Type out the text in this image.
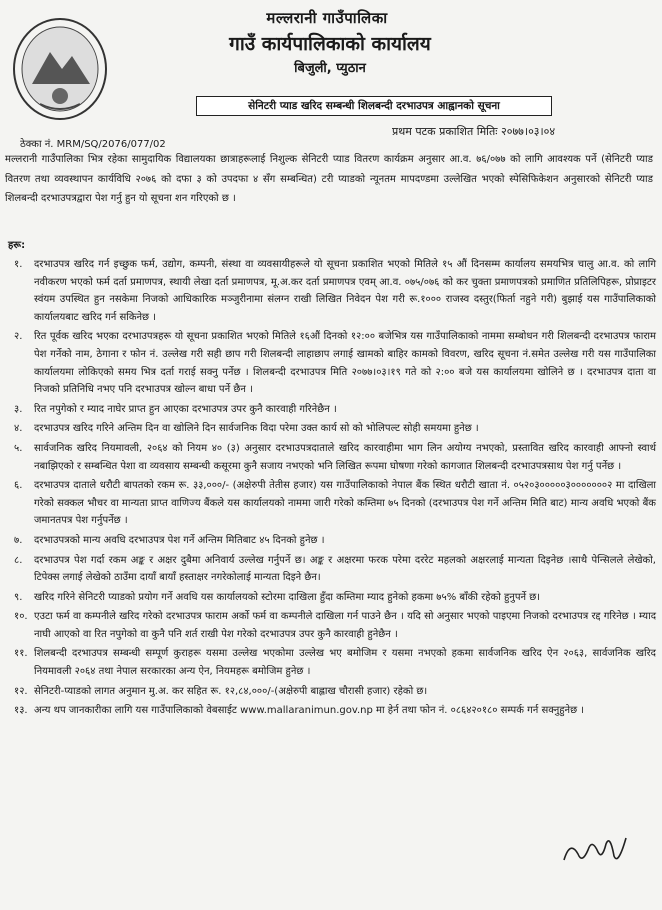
मल्लरानी गाउँपालिका
गाउँ कार्यपालिकाको कार्यालय
बिजुली, प्युठान
सेनिटरी प्याड खरिद सम्बन्धी शिलबन्दी दरभाउपत्र आह्वानको सूचना
प्रथम पटक प्रकाशित मितिः २०७७।०३।०४
ठेक्का नं. MRM/SQ/2076/077/02
मल्लरानी गाउँपालिका भित्र रहेका सामुदायिक विद्यालयका छात्राहरूलाई निशुल्क सेनिटरी प्याड वितरण कार्यक्रम अनुसार आ.व. ७६/०७७ को लागि आवश्यक पर्ने (सेनिटरी प्याड वितरण तथा व्यवस्थापन कार्यविधि २०७६ को दफा ३ को उपदफा ४ सँग सम्बन्धित) टरी प्याडको न्यूनतम मापदण्डमा उल्लेखित भएको स्पेसिफिकेशन अनुसारको सेनिटरी प्याड शिलबन्दी दरभाउपत्रद्वारा पेश गर्नु हुन यो सूचना शन गरिएको छ ।
हरू:
१. दरभाउपत्र खरिद गर्न इच्छुक फर्म, उद्योग, कम्पनी, संस्था वा व्यवसायीहरूले यो सूचना प्रकाशित भएको मितिले १५ औं दिनसम्म कार्यालय समयभित्र चालु आ.व. को लागि नवीकरण भएको फर्म दर्ता प्रमाणपत्र, स्थायी लेखा दर्ता प्रमाणपत्र, मू.अ.कर दर्ता प्रमाणपत्र एवम् आ.व. ०७५/०७६ को कर चुक्ता प्रमाणपत्रको प्रमाणित प्रतिलिपिहरू, प्रोप्राइटर स्वंयम उपस्थित हुन नसकेमा निजको आधिकारिक मञ्जुरीनामा संलग्न राखी लिखित निवेदन पेश गरी रू.१००० राजस्व दस्तुर(फिर्ता नहुने गरी) बुझाई यस गाउँपालिकाको कार्यालयबाट खरिद गर्न सकिनेछ ।
२. रित पूर्वक खरिद भएका दरभाउपत्रहरू यो सूचना प्रकाशित भएको मितिले १६औं दिनको १२:०० बजेभित्र यस गाउँपालिकाको नाममा सम्बोधन गरी शिलबन्दी दरभाउपत्र फाराम पेश गर्नेको नाम, ठेगाना र फोन नं. उल्लेख गरी सही छाप गरी शिलबन्दी लाहाछाप लगाई खामको बाहिर कामको विवरण, खरिद सूचना नं.समेत उल्लेख गरी यस गाउँपालिका कार्यालयमा लोकिएको समय भित्र दर्ता गराई सक्नु पर्नेछ । शिलबन्दी दरभाउपत्र मिति २०७७।०३।१९ गते को २:०० बजे यस कार्यालयमा खोलिने छ । दरभाउपत्र दाता वा निजको प्रतिनिधि नभए पनि दरभाउपत्र खोल्न बाधा पर्ने छैन ।
३. रित नपुगेको र म्याद नाघेर प्राप्त हुन आएका दरभाउपत्र उपर कुनै कारवाही गरिनेछैन ।
४. दरभाउपत्र खरिद गरिने अन्तिम दिन वा खोलिने दिन सार्वजनिक विदा परेमा उक्त कार्य सो को भोलिपल्ट सोही समयमा हुनेछ ।
५. सार्वजनिक खरिद नियमावली, २०६४ को नियम ४० (३) अनुसार दरभाउपत्रदाताले खरिद कारवाहीमा भाग लिन अयोग्य नभएको, प्रस्तावित खरिद कारवाही आफ्नो स्वार्थ नबाझिएको र सम्बन्धित पेशा वा व्यवसाय सम्बन्धी कसूरमा कुनै सजाय नभएको भनि लिखित रूपमा घोषणा गरेको कागजात शिलबन्दी दरभाउपत्रसाथ पेश गर्नु पर्नेछ ।
६. दरभाउपत्र दाताले धरौटी बापतको रकम रू. ३३,०००/- (अक्षेरुपी तेतीस हजार) यस गाउँपालिकाको नेपाल बैंक स्थित धरौटी खाता नं. ०५२०३०००००३०००००००२ मा दाखिला गरेको सक्कल भौचर वा मान्यता प्राप्त वाणिज्य बैंकले यस कार्यालयको नाममा जारी गरेको कम्तिमा ७५ दिनको (दरभाउपत्र पेश गर्ने अन्तिम मिति बाट) मान्य अवधि भएको बैंक जमानतपत्र पेश गर्नुपर्नेछ ।
७. दरभाउपत्रको मान्य अवधि दरभाउपत्र पेश गर्ने अन्तिम मितिबाट ४५ दिनको हुनेछ ।
८. दरभाउपत्र पेश गर्दा रकम अङ्क र अक्षर दुबैमा अनिवार्य उल्लेख गर्नुपर्ने छ। अङ्क र अक्षरमा फरक परेमा दररेट महलको अक्षरलाई मान्यता दिइनेछ ।साथै पेन्सिलले लेखेको, टिपेक्स लगाई लेखेको ठाउँमा दायाँ बायाँ हस्ताक्षर नगरेकोलाई मान्यता दिइने छैन।
९. खरिद गरिने सेनिटरी प्याडको प्रयोग गर्ने अवधि यस कार्यालयको स्टोरमा दाखिला हुँदा कम्तिमा म्याद हुनेको हकमा ७५% बाँकी रहेको हुनुपर्ने छ।
१०. एउटा फर्म वा कम्पनीले खरिद गरेको दरभाउपत्र फाराम अर्को फर्म वा कम्पनीले दाखिला गर्न पाउने छैन । यदि सो अनुसार भएको पाइएमा निजको दरभाउपत्र रद्द गरिनेछ । म्याद नाघी आएको वा रित नपुगेको वा कुनै पनि शर्त राखी पेश गरेको दरभाउपत्र उपर कुनै कारवाही हुनेछैन ।
११. शिलबन्दी दरभाउपत्र सम्बन्धी सम्पूर्ण कुराहरू यसमा उल्लेख भएकोमा उल्लेख भए बमोजिम र यसमा नभएको हकमा सार्वजनिक खरिद ऐन २०६३, सार्वजनिक खरिद नियमावली २०६४ तथा नेपाल सरकारका अन्य ऐन, नियमहरू बमोजिम हुनेछ ।
१२. सेनिटरी-प्याडको लागत अनुमान मु.अ. कर सहित रू. १२,८४,०००/-(अक्षेरुपी बाह्लाख चौरासी हजार) रहेको छ।
१३. अन्य थप जानकारीका लागि यस गाउँपालिकाको वेबसाईट www.mallaranimun.gov.np मा हेर्न तथा फोन नं. ०८६४२०१८० सम्पर्क गर्न सक्नुहुनेछ ।
